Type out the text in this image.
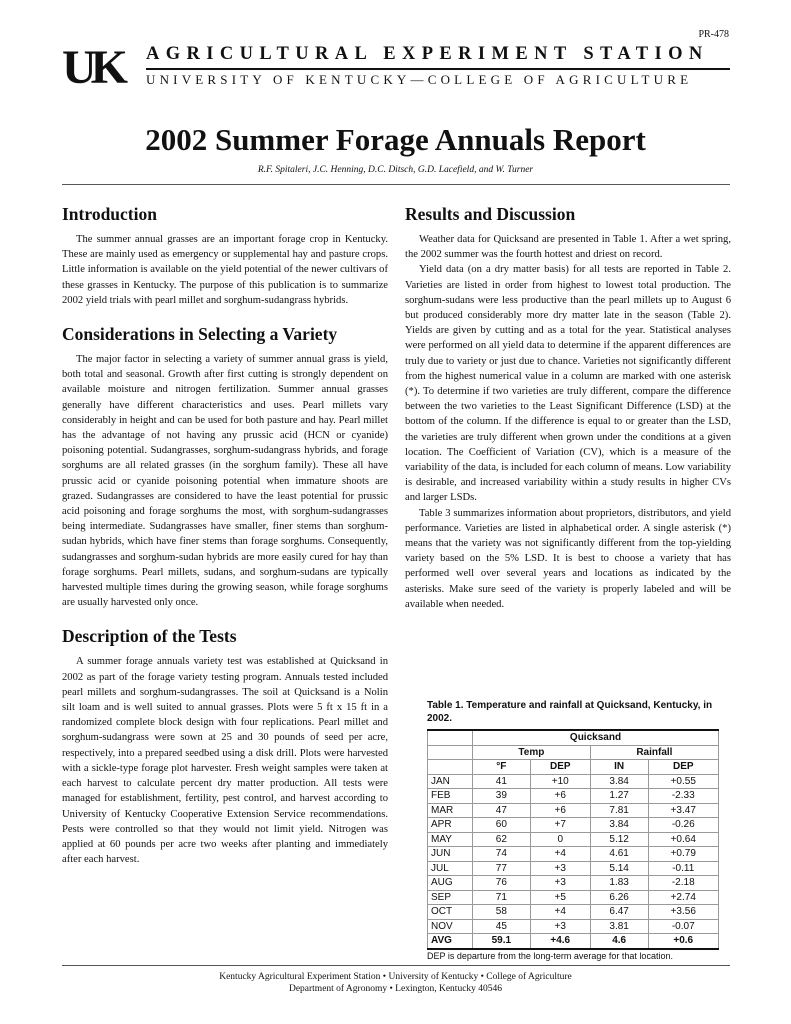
PR-478
UK	AGRICULTURAL EXPERIMENT STATION
UNIVERSITY OF KENTUCKY—COLLEGE OF AGRICULTURE
2002 Summer Forage Annuals Report
R.F. Spitaleri, J.C. Henning, D.C. Ditsch, G.D. Lacefield, and W. Turner
Introduction

The summer annual grasses are an important forage crop in Kentucky. These are mainly used as emergency or supplemental hay and pasture crops. Little information is available on the yield potential of the newer cultivars of these grasses in Kentucky. The purpose of this publication is to summarize 2002 yield trials with pearl millet and sorghum-sudangrass hybrids.

Considerations in Selecting a Variety

The major factor in selecting a variety of summer annual grass is yield, both total and seasonal. Growth after first cutting is strongly dependent on available moisture and nitrogen fertilization. Summer annual grasses generally have different characteristics and uses. Pearl millets vary considerably in height and can be used for both pasture and hay. Pearl millet has the advantage of not having any prussic acid (HCN or cyanide) poisoning potential. Sudangrasses, sorghum-sudangrass hybrids, and forage sorghums are all related grasses (in the sorghum family). These all have prussic acid or cyanide poisoning potential when immature shoots are grazed. Sudangrasses are considered to have the least potential for prussic acid poisoning and forage sorghums the most, with sorghum-sudangrasses being intermediate. Sudangrasses have smaller, finer stems than sorghum-sudan hybrids, which have finer stems than forage sorghums. Consequently, sudangrasses and sorghum-sudan hybrids are more easily cured for hay than forage sorghums. Pearl millets, sudans, and sorghum-sudans are typically harvested multiple times during the growing season, while forage sorghums are usually harvested only once.

Description of the Tests

A summer forage annuals variety test was established at Quicksand in 2002 as part of the forage variety testing program. Annuals tested included pearl millets and sorghum-sudangrasses. The soil at Quicksand is a Nolin silt loam and is well suited to annual grasses. Plots were 5 ft x 15 ft in a randomized complete block design with four replications. Pearl millet and sorghum-sudangrass were sown at 25 and 30 pounds of seed per acre, respectively, into a prepared seedbed using a disk drill. Plots were harvested with a sickle-type forage plot harvester. Fresh weight samples were taken at each harvest to calculate percent dry matter production. All tests were managed for establishment, fertility, pest control, and harvest according to University of Kentucky Cooperative Extension Service recommendations. Pests were controlled so that they would not limit yield. Nitrogen was applied at 60 pounds per acre two weeks after planting and immediately after each harvest.

Results and Discussion

Weather data for Quicksand are presented in Table 1. After a wet spring, the 2002 summer was the fourth hottest and driest on record.

Yield data (on a dry matter basis) for all tests are reported in Table 2. Varieties are listed in order from highest to lowest total production. The sorghum-sudans were less productive than the pearl millets up to August 6 but produced considerably more dry matter late in the season (Table 2). Yields are given by cutting and as a total for the year. Statistical analyses were performed on all yield data to determine if the apparent differences are truly due to variety or just due to chance. Varieties not significantly different from the highest numerical value in a column are marked with one asterisk (*). To determine if two varieties are truly different, compare the difference between the two varieties to the Least Significant Difference (LSD) at the bottom of the column. If the difference is equal to or greater than the LSD, the varieties are truly different when grown under the conditions at a given location. The Coefficient of Variation (CV), which is a measure of the variability of the data, is included for each column of means. Low variability is desirable, and increased variability within a study results in higher CVs and larger LSDs.

Table 3 summarizes information about proprietors, distributors, and yield performance. Varieties are listed in alphabetical order. A single asterisk (*) means that the variety was not significantly different from the top-yielding variety based on the 5% LSD. It is best to choose a variety that has performed well over several years and locations as indicated by the asterisks. Make sure seed of the variety is properly labeled and will be available when needed.

Table 1. Temperature and rainfall at Quicksand, Kentucky, in 2002.
	Quicksand			
	Temp		Rainfall	
	°F	DEP	IN	DEP
JAN	41	+10	3.84	+0.55
FEB	39	+6	1.27	-2.33
MAR	47	+6	7.81	+3.47
APR	60	+7	3.84	-0.26
MAY	62	0	5.12	+0.64
JUN	74	+4	4.61	+0.79
JUL	77	+3	5.14	-0.11
AUG	76	+3	1.83	-2.18
SEP	71	+5	6.26	+2.74
OCT	58	+4	6.47	+3.56
NOV	45	+3	3.81	-0.07
AVG	59.1	+4.6	4.6	+0.6
DEP is departure from the long-term average for that location.
Kentucky Agricultural Experiment Station • University of Kentucky • College of Agriculture
Department of Agronomy • Lexington, Kentucky 40546
